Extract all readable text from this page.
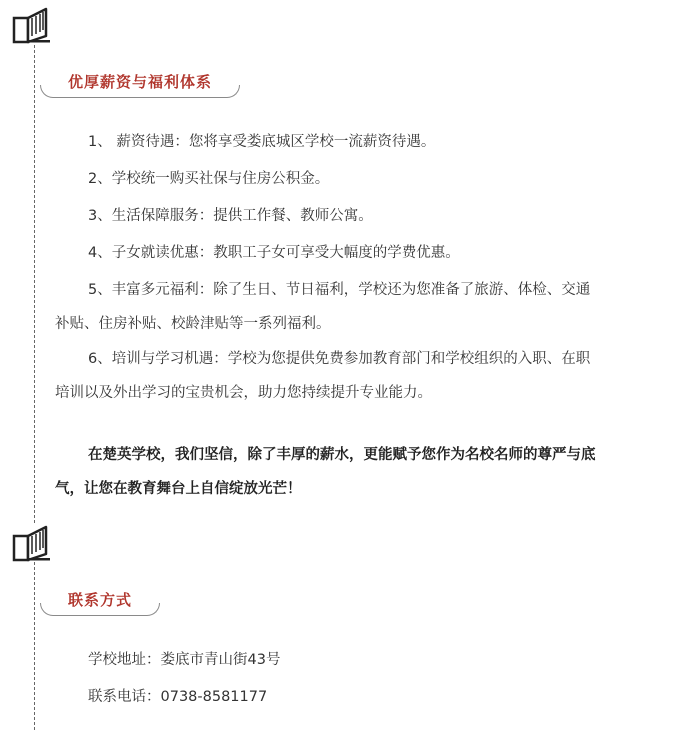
优厚薪资与福利体系
1、 薪资待遇：您将享受娄底城区学校一流薪资待遇。
2、学校统一购买社保与住房公积金。
3、生活保障服务：提供工作餐、教师公寓。
4、子女就读优惠：教职工子女可享受大幅度的学费优惠。
5、丰富多元福利：除了生日、节日福利，学校还为您准备了旅游、体检、交通
补贴、住房补贴、校龄津贴等一系列福利。
6、培训与学习机遇：学校为您提供免费参加教育部门和学校组织的入职、在职
培训以及外出学习的宝贵机会，助力您持续提升专业能力。
在楚英学校，我们坚信，除了丰厚的薪水，更能赋予您作为名校名师的尊严与底
气，让您在教育舞台上自信绽放光芒！
联系方式
学校地址：娄底市青山街43号
联系电话：0738-8581177
